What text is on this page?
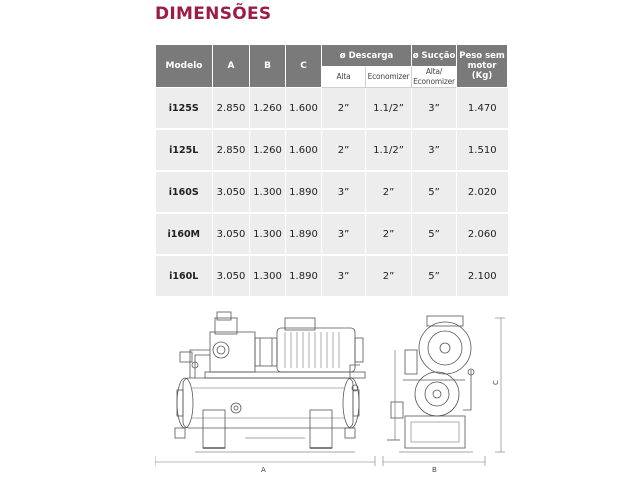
DIMENSÕES
Modelo	A	B	C	ø Descarga		ø Sucção	Peso sem motor (Kg)
				Alta	Economizer	Alta/ Economizer	
i125S	2.850	1.260	1.600	2”	1.1/2”	3”	1.470
i125L	2.850	1.260	1.600	2”	1.1/2”	3”	1.510
i160S	3.050	1.300	1.890	3”	2”	5”	2.020
i160M	3.050	1.300	1.890	3”	2”	5”	2.060
i160L	3.050	1.300	1.890	3”	2”	5”	2.100
A	B
C
